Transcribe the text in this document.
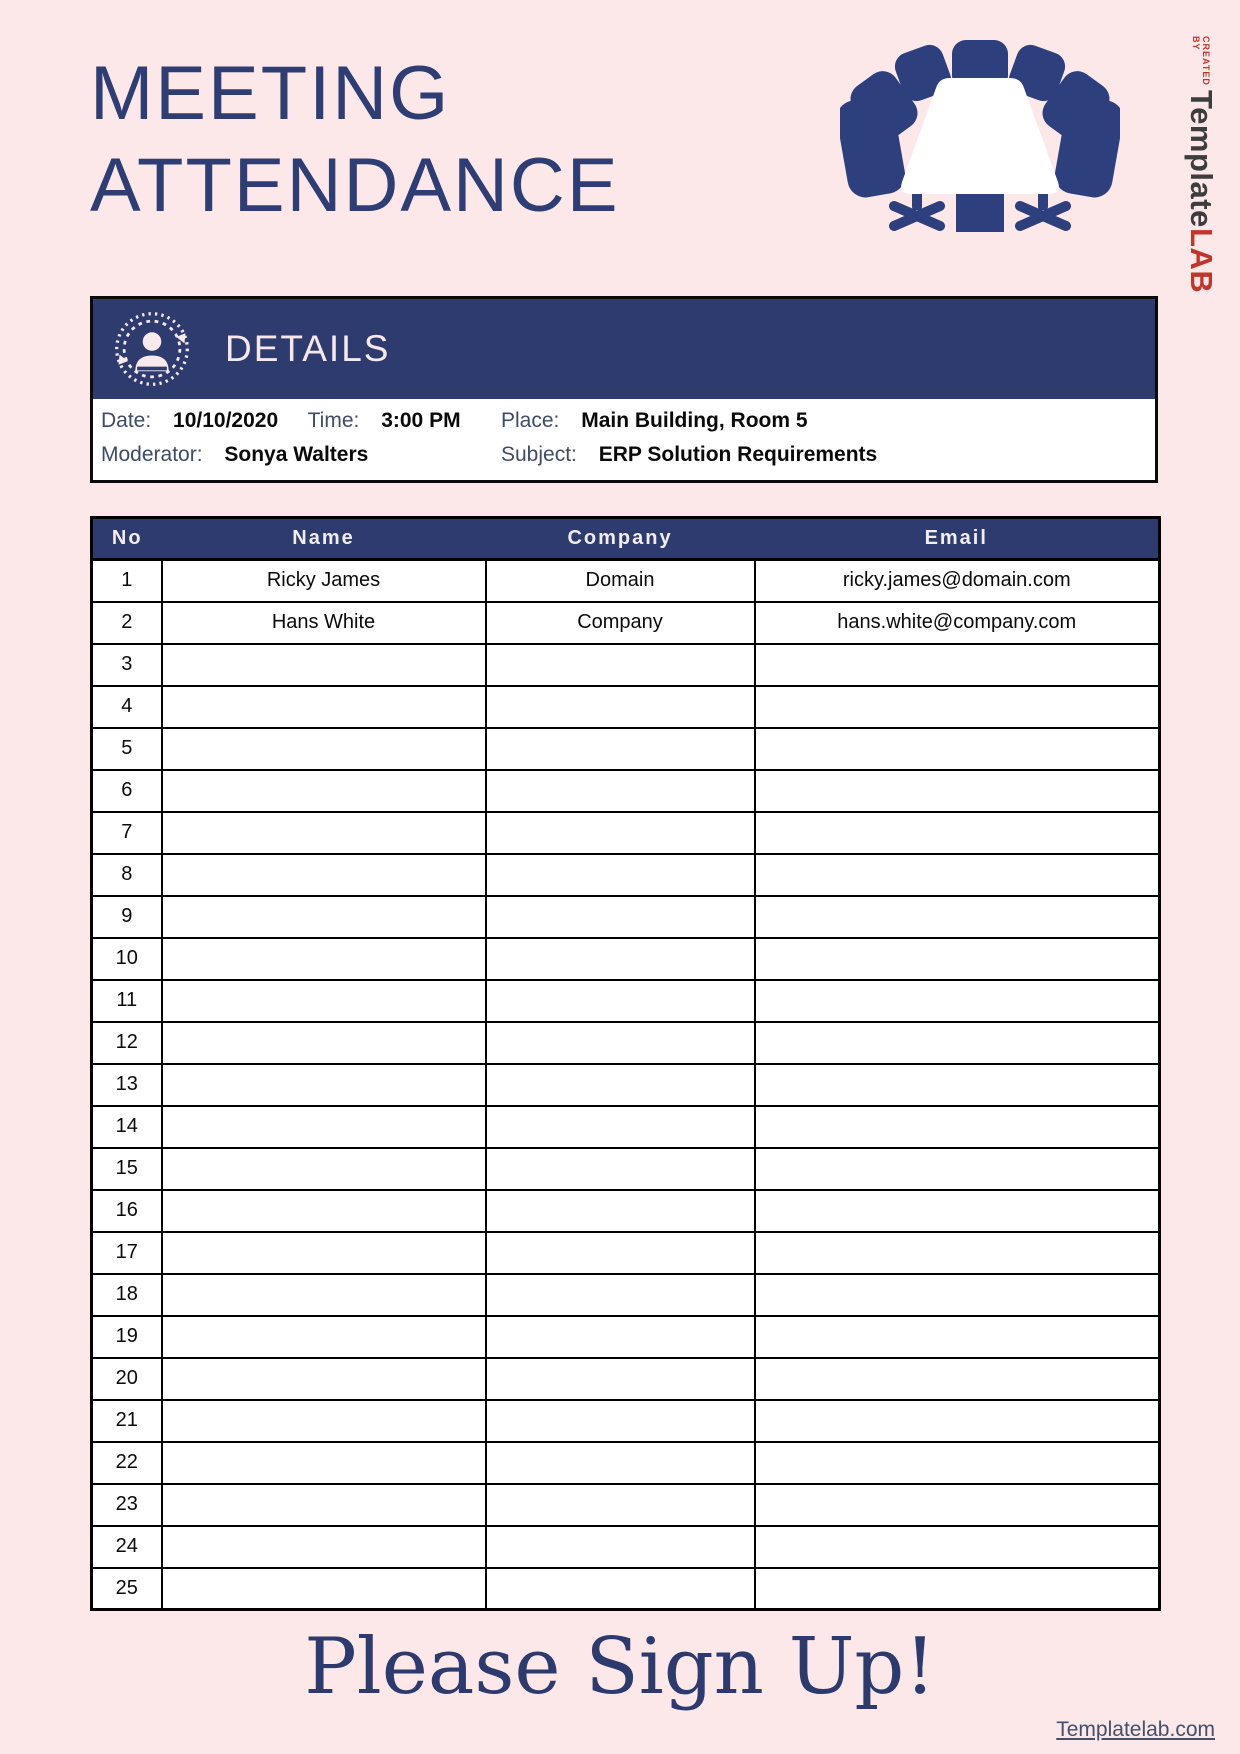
MEETING
ATTENDANCE
CREATED BY
Template
LAB
DETAILS
Date: 10/10/2020 Time: 3:00 PM Place: Main Building, Room 5
Moderator: Sonya Walters	Subject: ERP Solution Requirements
No	Name	Company	Email
1	Ricky James	Domain	ricky.james@domain.com
2	Hans White	Company	hans.white@company.com
3			
4			
5			
6			
7			
8			
9			
10			
11			
12			
13			
14			
15			
16			
17			
18			
19			
20			
21			
22			
23			
24			
25			
Please Sign Up!
Templatelab.com
